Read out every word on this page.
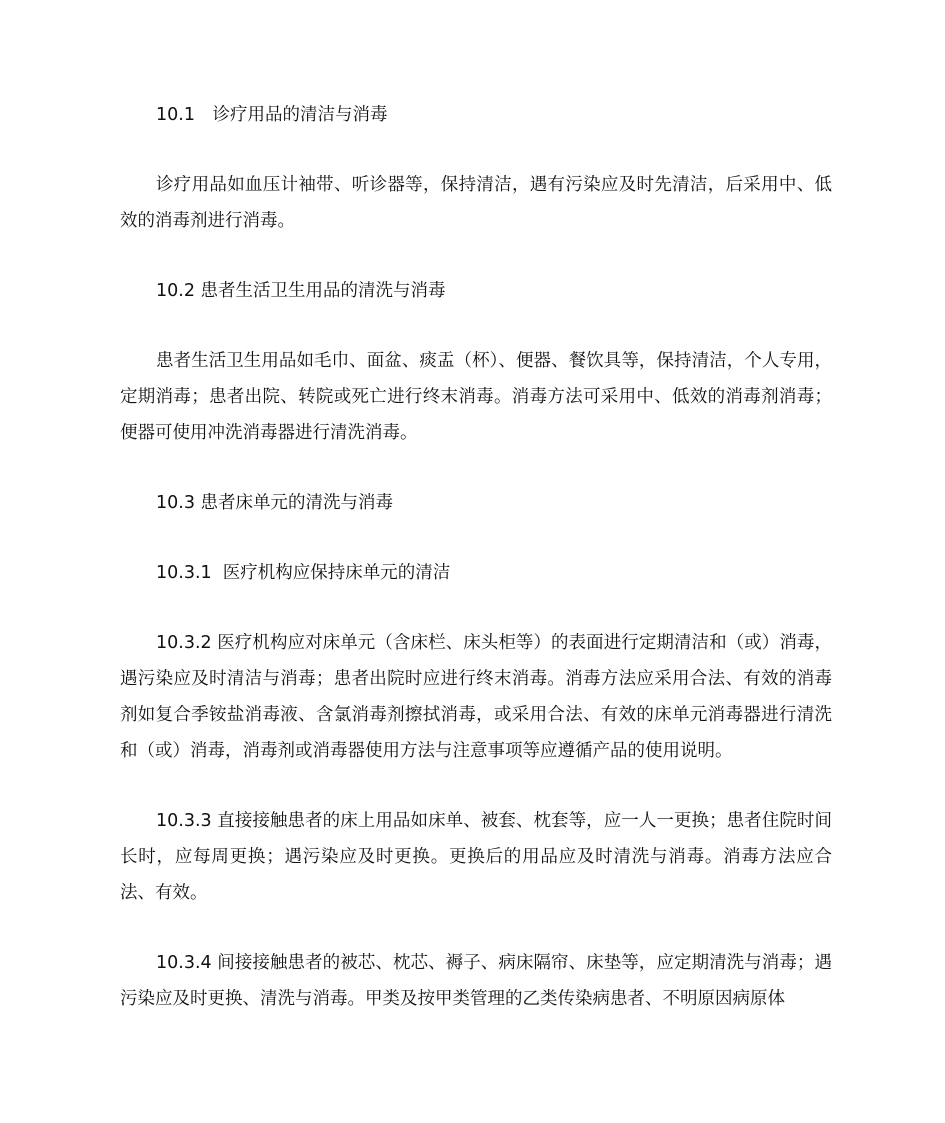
10.1　诊疗用品的清洁与消毒

诊疗用品如血压计袖带、听诊器等，保持清洁，遇有污染应及时先清洁，后采用中、低效的消毒剂进行消毒。

10.2 患者生活卫生用品的清洗与消毒

患者生活卫生用品如毛巾、面盆、痰盂（杯）、便器、餐饮具等，保持清洁，个人专用，定期消毒；患者出院、转院或死亡进行终末消毒。消毒方法可采用中、低效的消毒剂消毒；便器可使用冲洗消毒器进行清洗消毒。

10.3 患者床单元的清洗与消毒

10.3.1  医疗机构应保持床单元的清洁

10.3.2 医疗机构应对床单元（含床栏、床头柜等）的表面进行定期清洁和（或）消毒，遇污染应及时清洁与消毒；患者出院时应进行终末消毒。消毒方法应采用合法、有效的消毒剂如复合季铵盐消毒液、含氯消毒剂擦拭消毒，或采用合法、有效的床单元消毒器进行清洗和（或）消毒，消毒剂或消毒器使用方法与注意事项等应遵循产品的使用说明。

10.3.3 直接接触患者的床上用品如床单、被套、枕套等，应一人一更换；患者住院时间长时，应每周更换；遇污染应及时更换。更换后的用品应及时清洗与消毒。消毒方法应合法、有效。

10.3.4 间接接触患者的被芯、枕芯、褥子、病床隔帘、床垫等，应定期清洗与消毒；遇污染应及时更换、清洗与消毒。甲类及按甲类管理的乙类传染病患者、不明原因病原体
